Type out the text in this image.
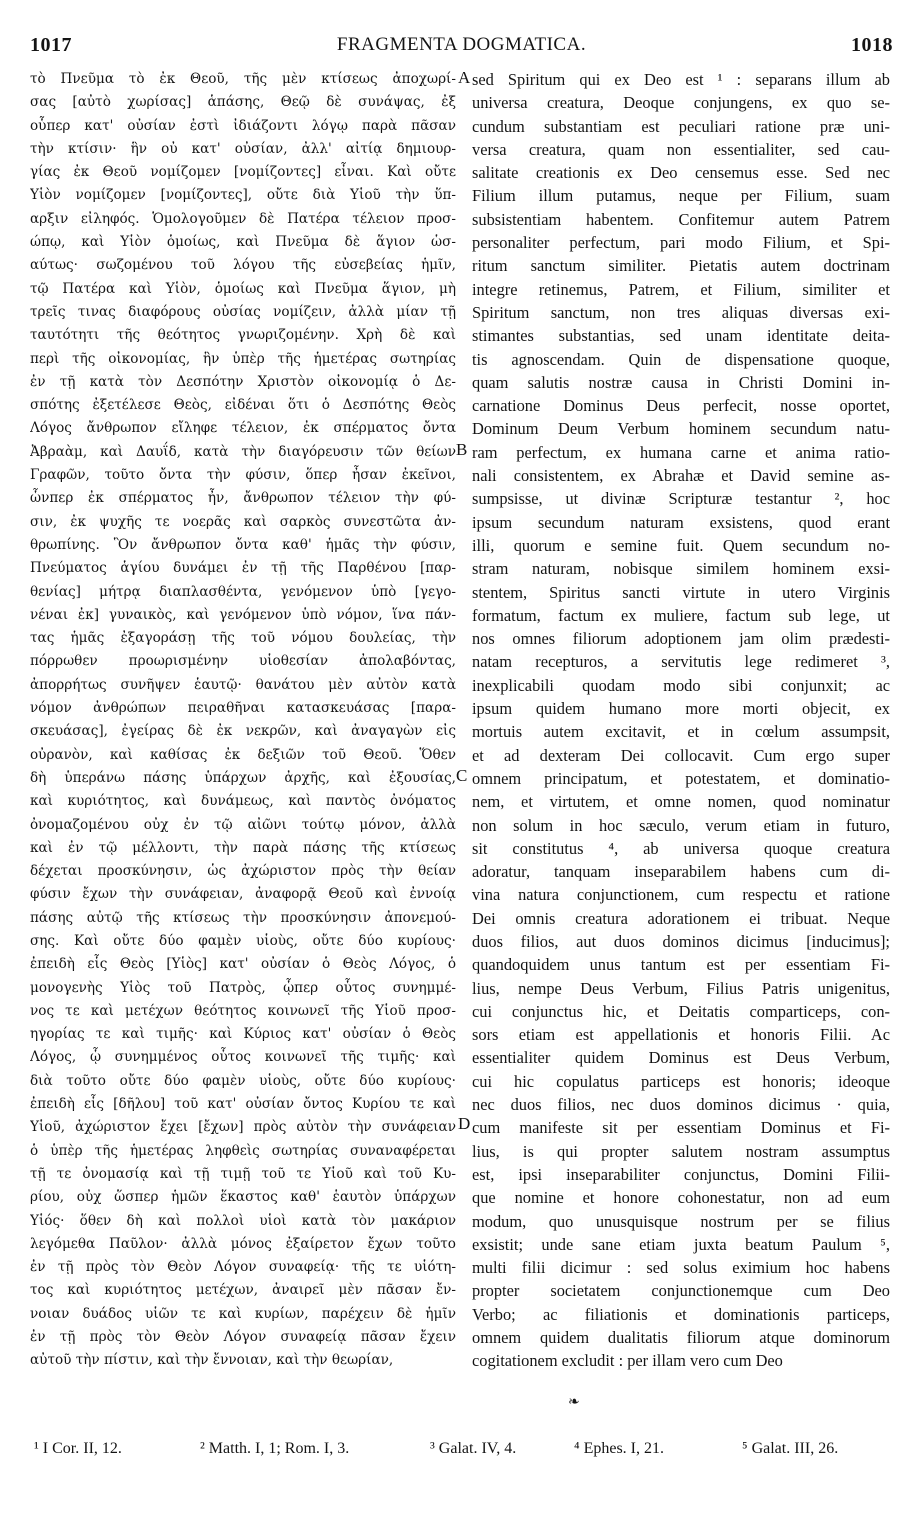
1017	FRAGMENTA DOGMATICA.	1018
τὸ Πνεῦμα τὸ ἐκ Θεοῦ, τῆς μὲν κτίσεως ἀποχωρί-
σας [αὐτὸ χωρίσας] ἁπάσης, Θεῷ δὲ συνάψας, ἐξ
οὗπερ κατ' οὐσίαν ἐστὶ ἰδιάζοντι λόγῳ παρὰ πᾶσαν
τὴν κτίσιν· ἣν οὐ κατ' οὐσίαν, ἀλλ' αἰτίᾳ δημιουρ-
γίας ἐκ Θεοῦ νομίζομεν [νομίζοντες] εἶναι. Καὶ οὔτε
Υἱὸν νομίζομεν [νομίζοντες], οὔτε διὰ Υἱοῦ τὴν ὕπ-
αρξιν εἰληφός. Ὁμολογοῦμεν δὲ Πατέρα τέλειον προσ-
ώπῳ, καὶ Υἱὸν ὁμοίως, καὶ Πνεῦμα δὲ ἅγιον ὡσ-
αύτως· σωζομένου τοῦ λόγου τῆς εὐσεβείας ἡμῖν,
τῷ Πατέρα καὶ Υἱὸν, ὁμοίως καὶ Πνεῦμα ἅγιον, μὴ
τρεῖς τινας διαφόρους οὐσίας νομίζειν, ἀλλὰ μίαν τῇ
ταυτότητι τῆς θεότητος γνωριζομένην. Χρὴ δὲ καὶ
περὶ τῆς οἰκονομίας, ἣν ὑπὲρ τῆς ἡμετέρας σωτηρίας
ἐν τῇ κατὰ τὸν Δεσπότην Χριστὸν οἰκονομίᾳ ὁ Δε-
σπότης ἐξετέλεσε Θεὸς, εἰδέναι ὅτι ὁ Δεσπότης Θεὸς
Λόγος ἄνθρωπον εἴληφε τέλειον, ἐκ σπέρματος ὄντα
Ἀβραὰμ, καὶ Δαυΐδ, κατὰ τὴν διαγόρευσιν τῶν θείων
Γραφῶν, τοῦτο ὄντα τὴν φύσιν, ὅπερ ἦσαν ἐκεῖνοι,
ὧνπερ ἐκ σπέρματος ἦν, ἄνθρωπον τέλειον τὴν φύ-
σιν, ἐκ ψυχῆς τε νοερᾶς καὶ σαρκὸς συνεστῶτα ἀν-
θρωπίνης. Ὃν ἄνθρωπον ὄντα καθ' ἡμᾶς τὴν φύσιν,
Πνεύματος ἁγίου δυνάμει ἐν τῇ τῆς Παρθένου [παρ-
θενίας] μήτρᾳ διαπλασθέντα, γενόμενον ὑπὸ [γεγο-
νέναι ἐκ] γυναικὸς, καὶ γενόμενον ὑπὸ νόμον, ἵνα πάν-
τας ἡμᾶς ἐξαγοράσῃ τῆς τοῦ νόμου δουλείας, τὴν
πόρρωθεν προωρισμένην υἱοθεσίαν ἀπολαβόντας,
ἀπορρήτως συνῆψεν ἑαυτῷ· θανάτου μὲν αὐτὸν κατὰ
νόμον ἀνθρώπων πειραθῆναι κατασκευάσας [παρα-
σκευάσας], ἐγείρας δὲ ἐκ νεκρῶν, καὶ ἀναγαγὼν εἰς
οὐρανὸν, καὶ καθίσας ἐκ δεξιῶν τοῦ Θεοῦ. Ὅθεν
δὴ ὑπεράνω πάσης ὑπάρχων ἀρχῆς, καὶ ἐξουσίας,
καὶ κυριότητος, καὶ δυνάμεως, καὶ παντὸς ὀνόματος
ὀνομαζομένου οὐχ ἐν τῷ αἰῶνι τούτῳ μόνον, ἀλλὰ
καὶ ἐν τῷ μέλλοντι, τὴν παρὰ πάσης τῆς κτίσεως
δέχεται προσκύνησιν, ὡς ἀχώριστον πρὸς τὴν θείαν
φύσιν ἔχων τὴν συνάφειαν, ἀναφορᾷ Θεοῦ καὶ ἐννοίᾳ
πάσης αὐτῷ τῆς κτίσεως τὴν προσκύνησιν ἀπονεμού-
σης. Καὶ οὔτε δύο φαμὲν υἱοὺς, οὔτε δύο κυρίους·
ἐπειδὴ εἷς Θεὸς [Υἱὸς] κατ' οὐσίαν ὁ Θεὸς Λόγος, ὁ
μονογενὴς Υἱὸς τοῦ Πατρὸς, ᾧπερ οὗτος συνημμέ-
νος τε καὶ μετέχων θεότητος κοινωνεῖ τῆς Υἱοῦ προσ-
ηγορίας τε καὶ τιμῆς· καὶ Κύριος κατ' οὐσίαν ὁ Θεὸς
Λόγος, ᾧ συνημμένος οὗτος κοινωνεῖ τῆς τιμῆς· καὶ
διὰ τοῦτο οὔτε δύο φαμὲν υἱοὺς, οὔτε δύο κυρίους·
ἐπειδὴ εἷς [δῆλου] τοῦ κατ' οὐσίαν ὄντος Κυρίου τε καὶ
Υἱοῦ, ἀχώριστον ἔχει [ἔχων] πρὸς αὐτὸν τὴν συνάφειαν
ὁ ὑπὲρ τῆς ἡμετέρας ληφθεὶς σωτηρίας συναναφέρεται
τῇ τε ὀνομασίᾳ καὶ τῇ τιμῇ τοῦ τε Υἱοῦ καὶ τοῦ Κυ-
ρίου, οὐχ ὥσπερ ἡμῶν ἕκαστος καθ' ἑαυτὸν ὑπάρχων
Υἱός· ὅθεν δὴ καὶ πολλοὶ υἱοὶ κατὰ τὸν μακάριον
λεγόμεθα Παῦλον· ἀλλὰ μόνος ἐξαίρετον ἔχων τοῦτο
ἐν τῇ πρὸς τὸν Θεὸν Λόγον συναφείᾳ· τῆς τε υἱότη-
τος καὶ κυριότητος μετέχων, ἀναιρεῖ μὲν πᾶσαν ἔν-
νοιαν δυάδος υἱῶν τε καὶ κυρίων, παρέχειν δὲ ἡμῖν
ἐν τῇ πρὸς τὸν Θεὸν Λόγον συναφείᾳ πᾶσαν ἔχειν
αὐτοῦ τὴν πίστιν, καὶ τὴν ἔννοιαν, καὶ τὴν θεωρίαν,
A
B
C
D
sed Spiritum qui ex Deo est ¹ : separans illum ab
universa creatura, Deoque conjungens, ex quo se-
cundum substantiam est peculiari ratione præ uni-
versa creatura, quam non essentialiter, sed cau-
salitate creationis ex Deo censemus esse. Sed nec
Filium illum putamus, neque per Filium, suam
subsistentiam habentem. Confitemur autem Patrem
personaliter perfectum, pari modo Filium, et Spi-
ritum sanctum similiter. Pietatis autem doctrinam
integre retinemus, Patrem, et Filium, similiter et
Spiritum sanctum, non tres aliquas diversas exi-
stimantes substantias, sed unam identitate deita-
tis agnoscendam. Quin de dispensatione quoque,
quam salutis nostræ causa in Christi Domini in-
carnatione Dominus Deus perfecit, nosse oportet,
Dominum Deum Verbum hominem secundum natu-
ram perfectum, ex humana carne et anima ratio-
nali consistentem, ex Abrahæ et David semine as-
sumpsisse, ut divinæ Scripturæ testantur ², hoc
ipsum secundum naturam exsistens, quod erant
illi, quorum e semine fuit. Quem secundum no-
stram naturam, nobisque similem hominem exsi-
stentem, Spiritus sancti virtute in utero Virginis
formatum, factum ex muliere, factum sub lege, ut
nos omnes filiorum adoptionem jam olim prædesti-
natam recepturos, a servitutis lege redimeret ³,
inexplicabili quodam modo sibi conjunxit; ac
ipsum quidem humano more morti objecit, ex
mortuis autem excitavit, et in cœlum assumpsit,
et ad dexteram Dei collocavit. Cum ergo super
omnem principatum, et potestatem, et dominatio-
nem, et virtutem, et omne nomen, quod nominatur
non solum in hoc sæculo, verum etiam in futuro,
sit constitutus ⁴, ab universa quoque creatura
adoratur, tanquam inseparabilem habens cum di-
vina natura conjunctionem, cum respectu et ratione
Dei omnis creatura adorationem ei tribuat. Neque
duos filios, aut duos dominos dicimus [inducimus];
quandoquidem unus tantum est per essentiam Fi-
lius, nempe Deus Verbum, Filius Patris unigenitus,
cui conjunctus hic, et Deitatis comparticeps, con-
sors etiam est appellationis et honoris Filii. Ac
essentialiter quidem Dominus est Deus Verbum,
cui hic copulatus particeps est honoris; ideoque
nec duos filios, nec duos dominos dicimus · quia,
cum manifeste sit per essentiam Dominus et Fi-
lius, is qui propter salutem nostram assumptus
est, ipsi inseparabiliter conjunctus, Domini Filii-
que nomine et honore cohonestatur, non ad eum
modum, quo unusquisque nostrum per se filius
exsistit; unde sane etiam juxta beatum Paulum ⁵,
multi filii dicimur : sed solus eximium hoc habens
propter societatem conjunctionemque cum Deo
Verbo; ac filiationis et dominationis particeps,
omnem quidem dualitatis filiorum atque dominorum
cogitationem excludit : per illam vero cum Deo
❧
¹ I Cor. II, 12.	² Matth. I, 1; Rom. I, 3.	³ Galat. IV, 4.	⁴ Ephes. I, 21.	⁵ Galat. III, 26.
